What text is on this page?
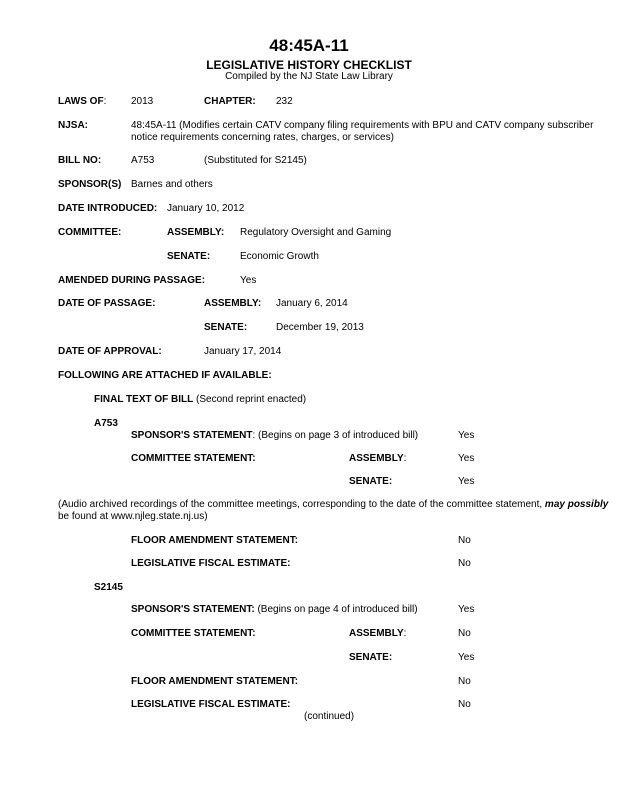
48:45A-11
LEGISLATIVE HISTORY CHECKLIST
Compiled by the NJ State Law Library
LAWS OF: 2013	CHAPTER: 232
NJSA:	48:45A-11 (Modifies certain CATV company filing requirements with BPU and CATV company subscriber
notice requirements concerning rates, charges, or services)
BILL NO:	A753	(Substituted for S2145)
SPONSOR(S) Barnes and others
DATE INTRODUCED: January 10, 2012
COMMITTEE:	ASSEMBLY: Regulatory Oversight and Gaming
SENATE:	Economic Growth
AMENDED DURING PASSAGE:	Yes
DATE OF PASSAGE:	ASSEMBLY: January 6, 2014
SENATE:	December 19, 2013
DATE OF APPROVAL:	January 17, 2014
FOLLOWING ARE ATTACHED IF AVAILABLE:
FINAL TEXT OF BILL (Second reprint enacted)
A753
SPONSOR'S STATEMENT: (Begins on page 3 of introduced bill)	Yes
COMMITTEE STATEMENT:	ASSEMBLY:	Yes
SENATE:	Yes
(Audio archived recordings of the committee meetings, corresponding to the date of the committee statement, may possibly
be found at www.njleg.state.nj.us)
FLOOR AMENDMENT STATEMENT:	No
LEGISLATIVE FISCAL ESTIMATE:	No
S2145
SPONSOR'S STATEMENT: (Begins on page 4 of introduced bill)	Yes
COMMITTEE STATEMENT:	ASSEMBLY:	No
SENATE:	Yes
FLOOR AMENDMENT STATEMENT:	No
LEGISLATIVE FISCAL ESTIMATE:	No
(continued)
